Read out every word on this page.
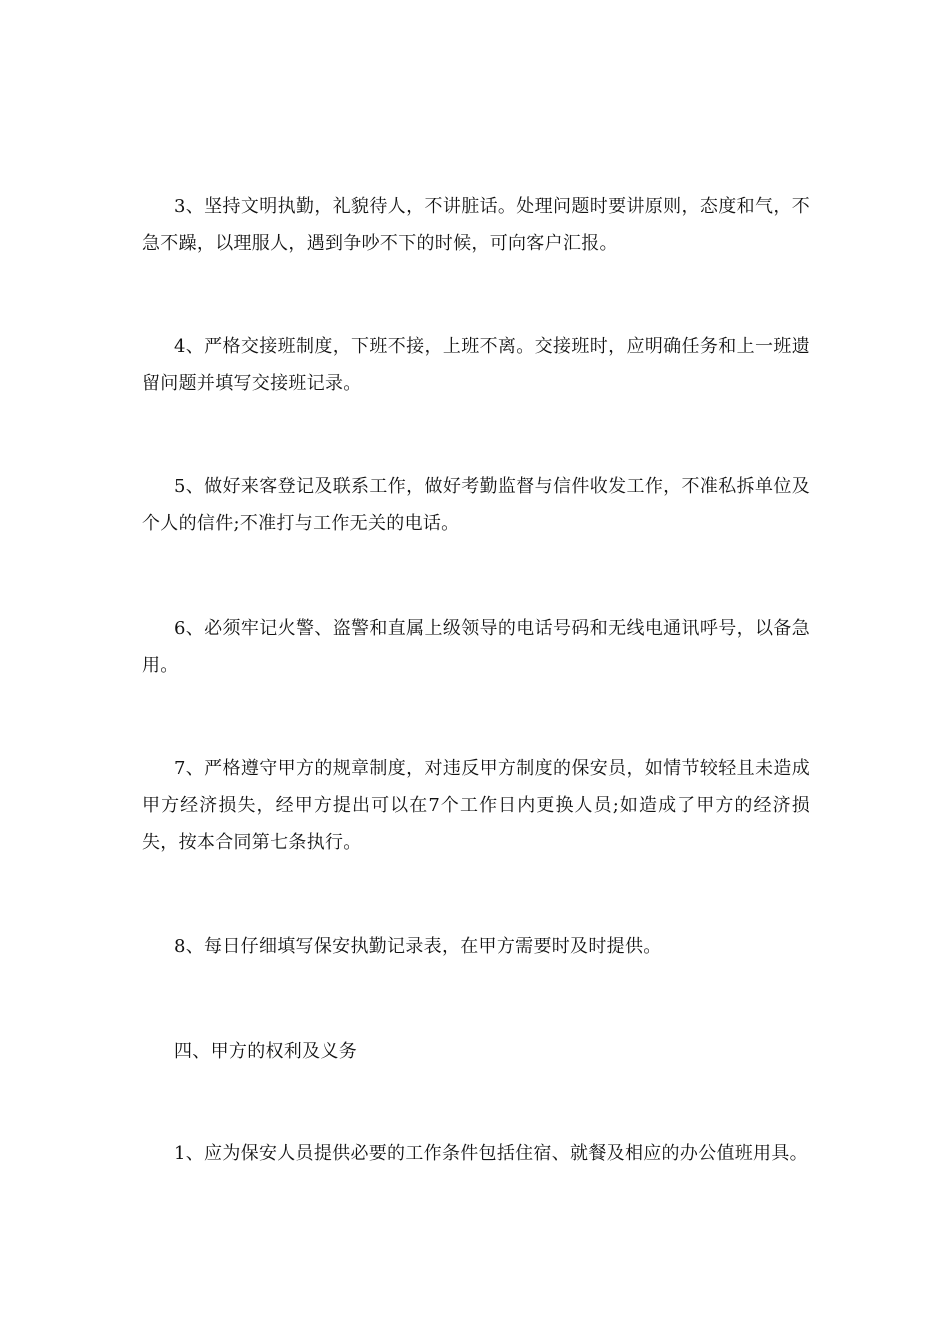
3、坚持文明执勤，礼貌待人，不讲脏话。处理问题时要讲原则，态度和气，不急不躁，以理服人，遇到争吵不下的时候，可向客户汇报。

4、严格交接班制度，下班不接，上班不离。交接班时，应明确任务和上一班遗留问题并填写交接班记录。

5、做好来客登记及联系工作，做好考勤监督与信件收发工作，不准私拆单位及个人的信件;不准打与工作无关的电话。

6、必须牢记火警、盗警和直属上级领导的电话号码和无线电通讯呼号，以备急用。

7、严格遵守甲方的规章制度，对违反甲方制度的保安员，如情节较轻且未造成甲方经济损失，经甲方提出可以在7个工作日内更换人员;如造成了甲方的经济损失，按本合同第七条执行。

8、每日仔细填写保安执勤记录表，在甲方需要时及时提供。

四、甲方的权利及义务

1、应为保安人员提供必要的工作条件包括住宿、就餐及相应的办公值班用具。
